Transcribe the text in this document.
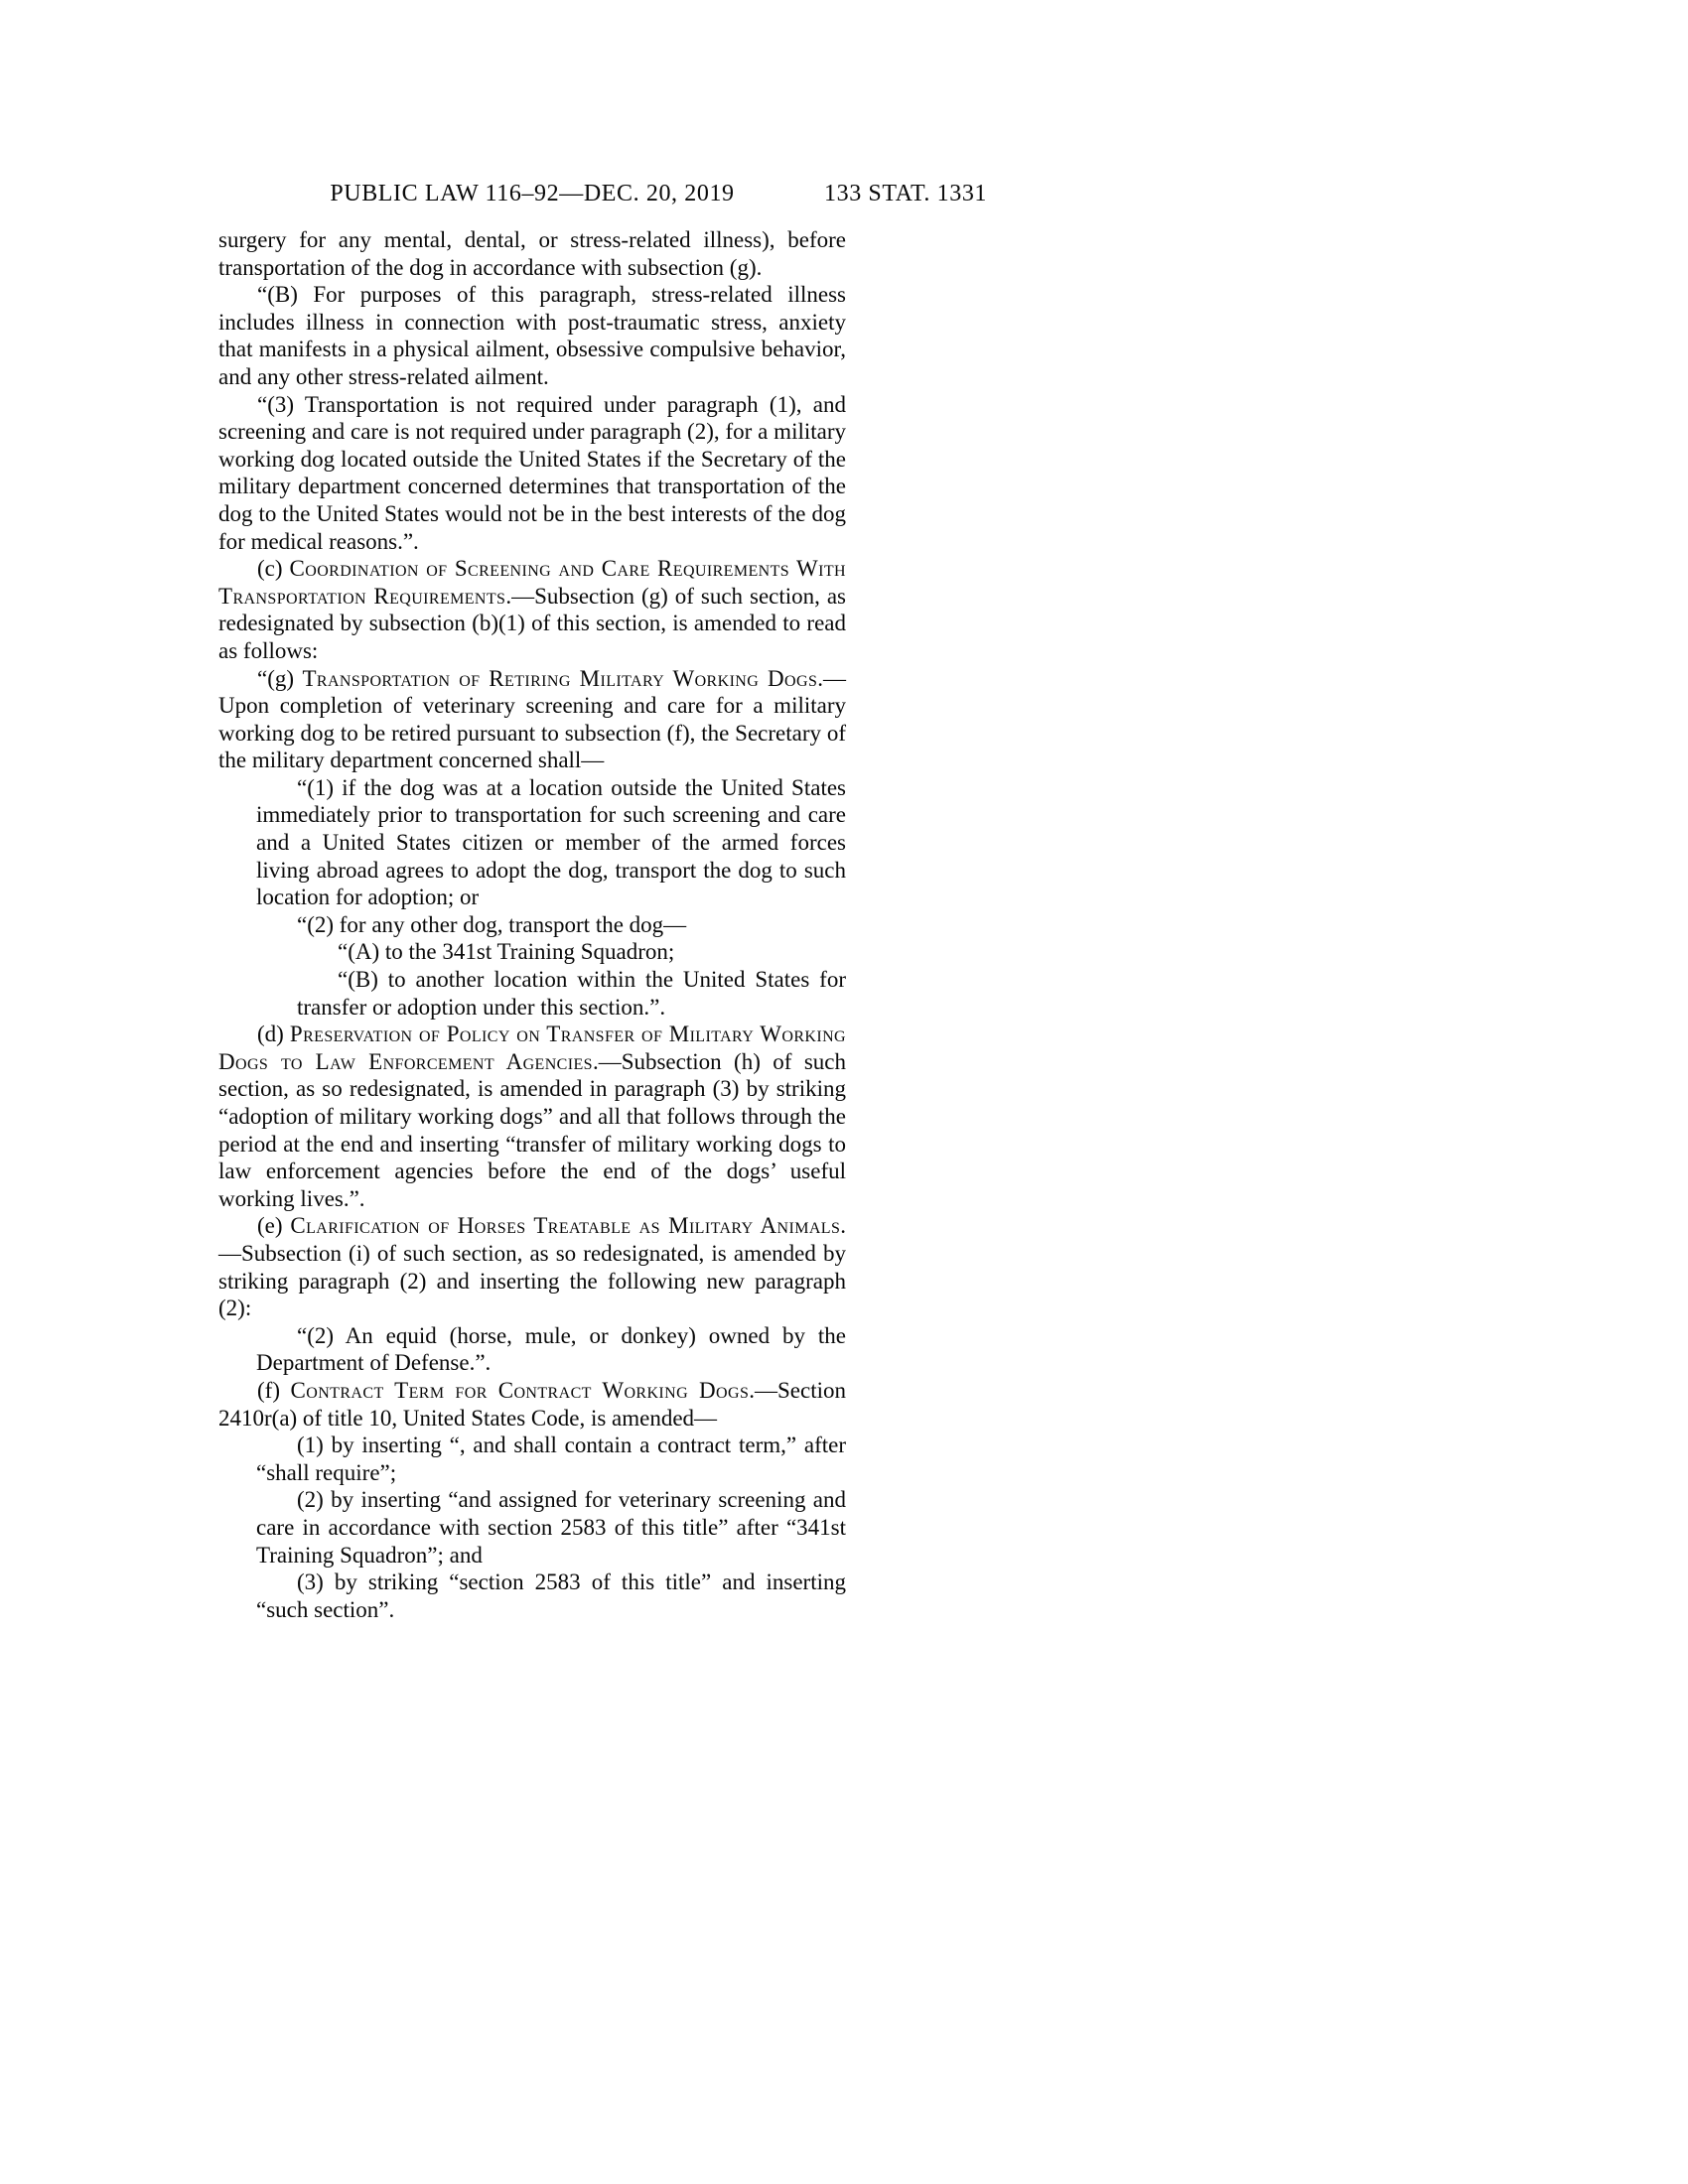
PUBLIC LAW 116–92—DEC. 20, 2019	133 STAT. 1331

surgery for any mental, dental, or stress-related illness), before transportation of the dog in accordance with subsection (g).

“(B) For purposes of this paragraph, stress-related illness includes illness in connection with post-traumatic stress, anxiety that manifests in a physical ailment, obsessive compulsive behavior, and any other stress-related ailment.

“(3) Transportation is not required under paragraph (1), and screening and care is not required under paragraph (2), for a military working dog located outside the United States if the Secretary of the military department concerned determines that transportation of the dog to the United States would not be in the best interests of the dog for medical reasons.”.

(c) Coordination of Screening and Care Requirements With Transportation Requirements.—Subsection (g) of such section, as redesignated by subsection (b)(1) of this section, is amended to read as follows:

“(g) Transportation of Retiring Military Working Dogs.—Upon completion of veterinary screening and care for a military working dog to be retired pursuant to subsection (f), the Secretary of the military department concerned shall—

“(1) if the dog was at a location outside the United States immediately prior to transportation for such screening and care and a United States citizen or member of the armed forces living abroad agrees to adopt the dog, transport the dog to such location for adoption; or

“(2) for any other dog, transport the dog—

“(A) to the 341st Training Squadron;

“(B) to another location within the United States for transfer or adoption under this section.”.

(d) Preservation of Policy on Transfer of Military Working Dogs to Law Enforcement Agencies.—Subsection (h) of such section, as so redesignated, is amended in paragraph (3) by striking “adoption of military working dogs” and all that follows through the period at the end and inserting “transfer of military working dogs to law enforcement agencies before the end of the dogs’ useful working lives.”.

(e) Clarification of Horses Treatable as Military Animals.—Subsection (i) of such section, as so redesignated, is amended by striking paragraph (2) and inserting the following new paragraph (2):

“(2) An equid (horse, mule, or donkey) owned by the Department of Defense.”.

(f) Contract Term for Contract Working Dogs.—Section 2410r(a) of title 10, United States Code, is amended—

(1) by inserting “, and shall contain a contract term,” after “shall require”;

(2) by inserting “and assigned for veterinary screening and care in accordance with section 2583 of this title” after “341st Training Squadron”; and

(3) by striking “section 2583 of this title” and inserting “such section”.
